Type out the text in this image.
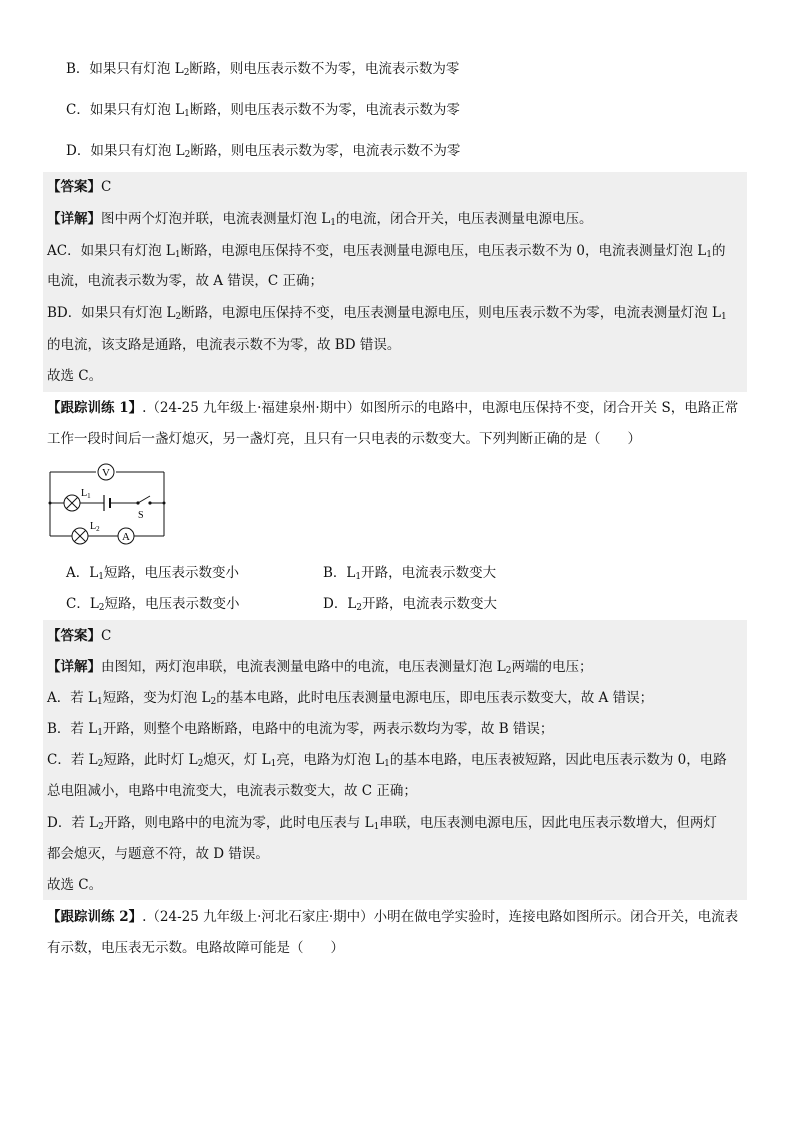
B．如果只有灯泡 $L_2$断路，则电压表示数不为零，电流表示数为零
C．如果只有灯泡 $L_1$断路，则电压表示数不为零，电流表示数为零
D．如果只有灯泡 $L_2$断路，则电压表示数为零，电流表示数不为零
【答案】C
【详解】图中两个灯泡并联，电流表测量灯泡 $L_1$的电流，闭合开关，电压表测量电源电压。
AC．如果只有灯泡 $L_1$断路，电源电压保持不变，电压表测量电源电压，电压表示数不为 0，电流表测量灯泡 $L_1$的
电流，电流表示数为零，故 A 错误，C 正确；
BD．如果只有灯泡 $L_2$断路，电源电压保持不变，电压表测量电源电压，则电压表示数不为零，电流表测量灯泡 $L_1$
的电流，该支路是通路，电流表示数不为零，故 BD 错误。
故选 C。
【跟踪训练 1】.（24-25 九年级上·福建泉州·期中）如图所示的电路中，电源电压保持不变，闭合开关 S，电路正常
工作一段时间后一盏灯熄灭，另一盏灯亮，且只有一只电表的示数变大。下列判断正确的是（　　）
V
$L_1$
S
$L_2$
A
A．$L_1$短路，电压表示数变小	B．$L_1$开路，电流表示数变大
C．$L_2$短路，电压表示数变小	D．$L_2$开路，电流表示数变大
【答案】C
【详解】由图知，两灯泡串联，电流表测量电路中的电流，电压表测量灯泡 $L_2$两端的电压；
A．若 $L_1$短路，变为灯泡 $L_2$的基本电路，此时电压表测量电源电压，即电压表示数变大，故 A 错误；
B．若 $L_1$开路，则整个电路断路，电路中的电流为零，两表示数均为零，故 B 错误；
C．若 $L_2$短路，此时灯 $L_2$熄灭，灯 $L_1$亮，电路为灯泡 $L_1$的基本电路，电压表被短路，因此电压表示数为 0，电路
总电阻减小，电路中电流变大，电流表示数变大，故 C 正确；
D．若 $L_2$开路，则电路中的电流为零，此时电压表与 $L_1$串联，电压表测电源电压，因此电压表示数增大，但两灯
都会熄灭，与题意不符，故 D 错误。
故选 C。
【跟踪训练 2】.（24-25 九年级上·河北石家庄·期中）小明在做电学实验时，连接电路如图所示。闭合开关，电流表
有示数，电压表无示数。电路故障可能是（　　）
